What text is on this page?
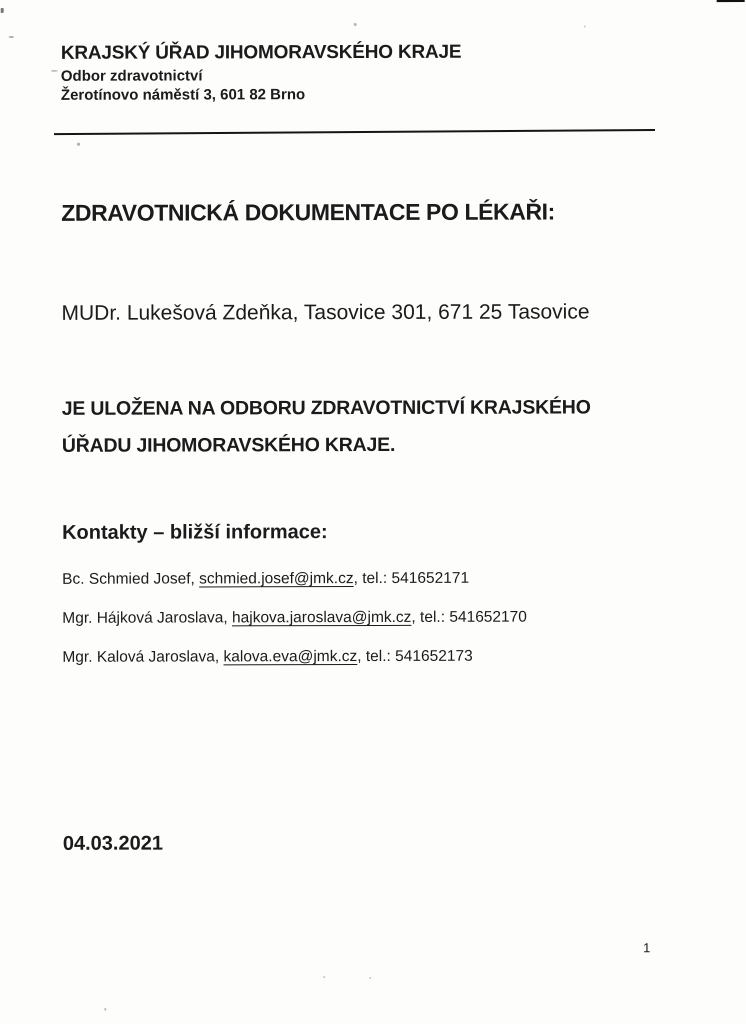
KRAJSKÝ ÚŘAD JIHOMORAVSKÉHO KRAJE
Odbor zdravotnictví
Žerotínovo náměstí 3, 601 82 Brno
ZDRAVOTNICKÁ DOKUMENTACE PO LÉKAŘI:
MUDr. Lukešová Zdeňka, Tasovice 301, 671 25 Tasovice
JE ULOŽENA NA ODBORU ZDRAVOTNICTVÍ KRAJSKÉHO
ÚŘADU JIHOMORAVSKÉHO KRAJE.
Kontakty – bližší informace:
Bc. Schmied Josef, schmied.josef@jmk.cz, tel.: 541652171
Mgr. Hájková Jaroslava, hajkova.jaroslava@jmk.cz, tel.: 541652170
Mgr. Kalová Jaroslava, kalova.eva@jmk.cz, tel.: 541652173
04.03.2021
1
